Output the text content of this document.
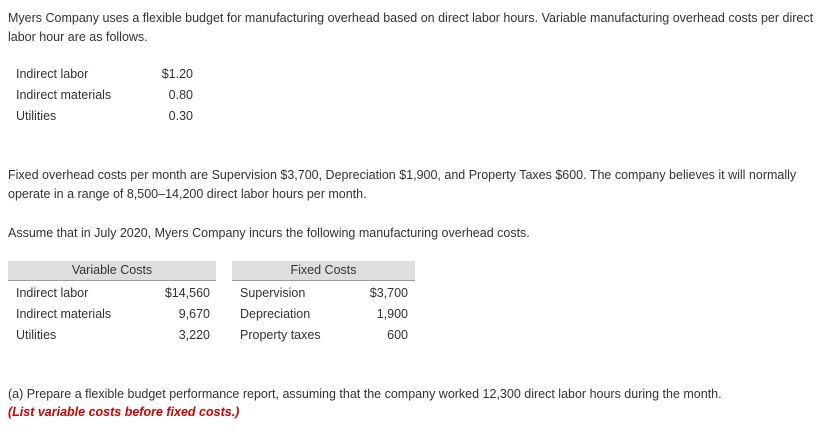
Myers Company uses a flexible budget for manufacturing overhead based on direct labor hours. Variable manufacturing overhead costs per direct labor hour are as follows.

Indirect labor	$1.20
Indirect materials	0.80
Utilities	0.30

Fixed overhead costs per month are Supervision $3,700, Depreciation $1,900, and Property Taxes $600. The company believes it will normally operate in a range of 8,500–14,200 direct labor hours per month.

Assume that in July 2020, Myers Company incurs the following manufacturing overhead costs.

Variable Costs	Fixed Costs
Indirect labor	$14,560		Supervision	$3,700
Indirect materials	9,670		Depreciation	1,900
Utilities	3,220		Property taxes	600

(a) Prepare a flexible budget performance report, assuming that the company worked 12,300 direct labor hours during the month.

(List variable costs before fixed costs.)
